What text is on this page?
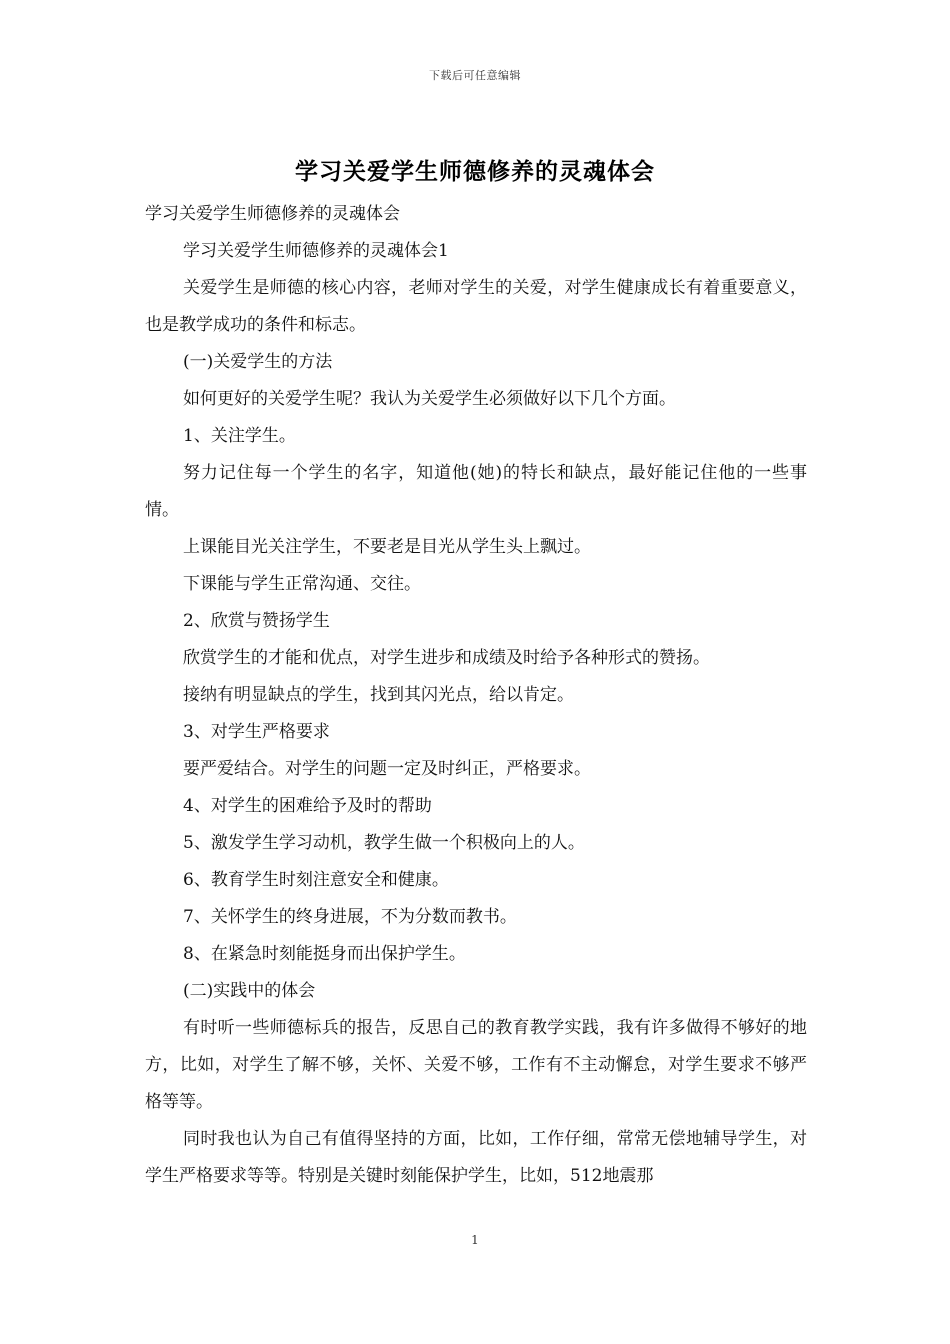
下载后可任意编辑
学习关爱学生师德修养的灵魂体会

学习关爱学生师德修养的灵魂体会

学习关爱学生师德修养的灵魂体会1

关爱学生是师德的核心内容，老师对学生的关爱，对学生健康成长有着重要意义，也是教学成功的条件和标志。

(一)关爱学生的方法

如何更好的关爱学生呢？我认为关爱学生必须做好以下几个方面。

1、关注学生。

努力记住每一个学生的名字，知道他(她)的特长和缺点，最好能记住他的一些事情。

上课能目光关注学生，不要老是目光从学生头上飘过。

下课能与学生正常沟通、交往。

2、欣赏与赞扬学生

欣赏学生的才能和优点，对学生进步和成绩及时给予各种形式的赞扬。

接纳有明显缺点的学生，找到其闪光点，给以肯定。

3、对学生严格要求

要严爱结合。对学生的问题一定及时纠正，严格要求。

4、对学生的困难给予及时的帮助

5、激发学生学习动机，教学生做一个积极向上的人。

6、教育学生时刻注意安全和健康。

7、关怀学生的终身进展，不为分数而教书。

8、在紧急时刻能挺身而出保护学生。

(二)实践中的体会

有时听一些师德标兵的报告，反思自己的教育教学实践，我有许多做得不够好的地方，比如，对学生了解不够，关怀、关爱不够，工作有不主动懈怠，对学生要求不够严格等等。

同时我也认为自己有值得坚持的方面，比如，工作仔细，常常无偿地辅导学生，对学生严格要求等等。特别是关键时刻能保护学生，比如，512地震那

1
